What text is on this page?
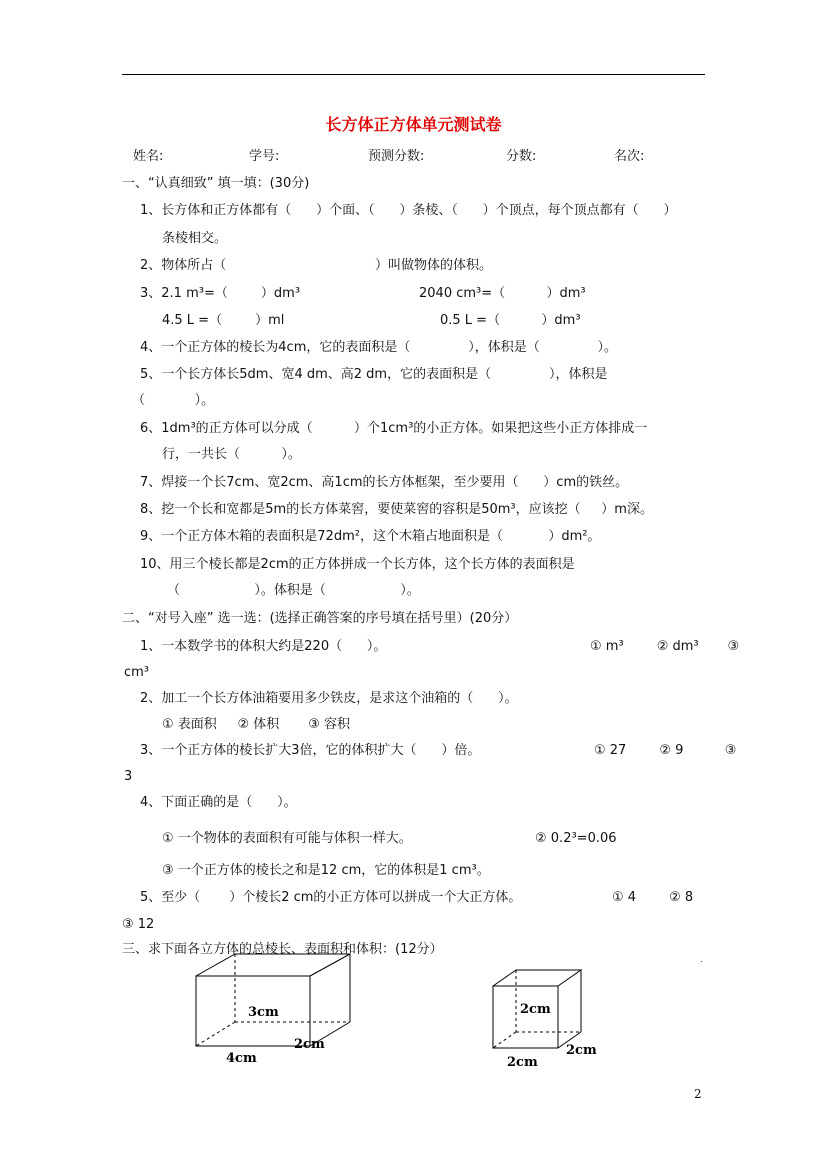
长方体正方体单元测试卷
姓名:	学号:	预测分数:	分数:	名次:
一、“认真细致” 填一填：(30分)
1、长方体和正方体都有（      ）个面、（      ）条棱、（      ）个顶点，每个顶点都有（      ）
条棱相交。
2、物体所占（                                    ）叫做物体的体积。
3、2.1 m³=（        ）dm³	2040 cm³=（          ）dm³
4.5 L =（        ）ml	0.5 L =（          ）dm³
4、一个正方体的棱长为4cm，它的表面积是（              ），体积是（              ）。
5、一个长方体长5dm、宽4 dm、高2 dm，它的表面积是（              ），体积是
（            ）。
6、1dm³的正方体可以分成（          ）个1cm³的小正方体。如果把这些小正方体排成一
行，一共长（          ）。
7、焊接一个长7cm、宽2cm、高1cm的长方体框架，至少要用（      ）cm的铁丝。
8、挖一个长和宽都是5m的长方体菜窖，要使菜窖的容积是50m³，应该挖（     ）m深。
9、一个正方体木箱的表面积是72dm²，这个木箱占地面积是（           ）dm²。
10、用三个棱长都是2cm的正方体拼成一个长方体，这个长方体的表面积是
（                  ）。体积是（                  ）。
二、“对号入座” 选一选：(选择正确答案的序号填在括号里）(20分）
1、一本数学书的体积大约是220（      ）。	① m³        ② dm³       ③
cm³
2、加工一个长方体油箱要用多少铁皮，是求这个油箱的（      ）。
① 表面积     ② 体积       ③ 容积
3、一个正方体的棱长扩大3倍，它的体积扩大（      ）倍。	① 27        ② 9          ③
3
4、下面正确的是（      ）。
① 一个物体的表面积有可能与体积一样大。	② 0.2³=0.06
③ 一个正方体的棱长之和是12 cm，它的体积是1 cm³。
5、至少（       ）个棱长2 cm的小正方体可以拼成一个大正方体。	① 4        ② 8
③ 12
三、求下面各立方体的总棱长、表面积和体积：(12分）
.
3cm
4cm
2cm
2cm
2cm
2cm
2
